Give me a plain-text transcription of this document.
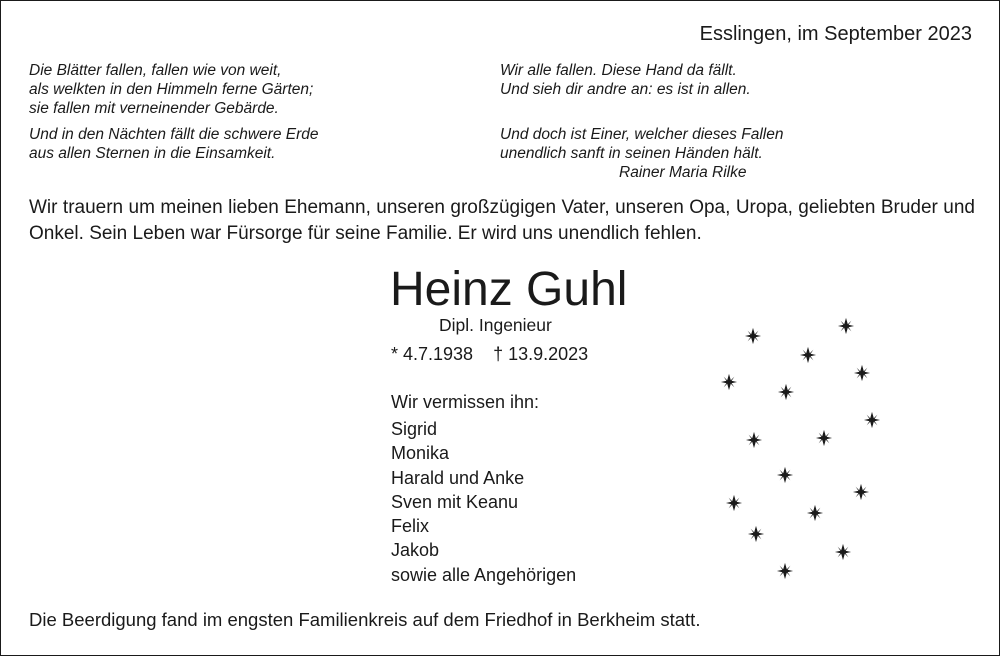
Esslingen, im September 2023
Die Blätter fallen, fallen wie von weit,
als welkten in den Himmeln ferne Gärten;
sie fallen mit verneinender Gebärde.
Und in den Nächten fällt die schwere Erde
aus allen Sternen in die Einsamkeit.
Wir alle fallen. Diese Hand da fällt.
Und sieh dir andre an: es ist in allen.
Und doch ist Einer, welcher dieses Fallen
unendlich sanft in seinen Händen hält.
Rainer Maria Rilke
Wir trauern um meinen lieben Ehemann, unseren großzügigen Vater, unseren Opa, Uropa, geliebten Bruder und Onkel. Sein Leben war Fürsorge für seine Familie. Er wird uns unendlich fehlen.
Heinz Guhl
Dipl. Ingenieur
* 4.7.1938 † 13.9.2023
Wir vermissen ihn:
Sigrid
Monika
Harald und Anke
Sven mit Keanu
Felix
Jakob
sowie alle Angehörigen
Die Beerdigung fand im engsten Familienkreis auf dem Friedhof in Berkheim statt.
